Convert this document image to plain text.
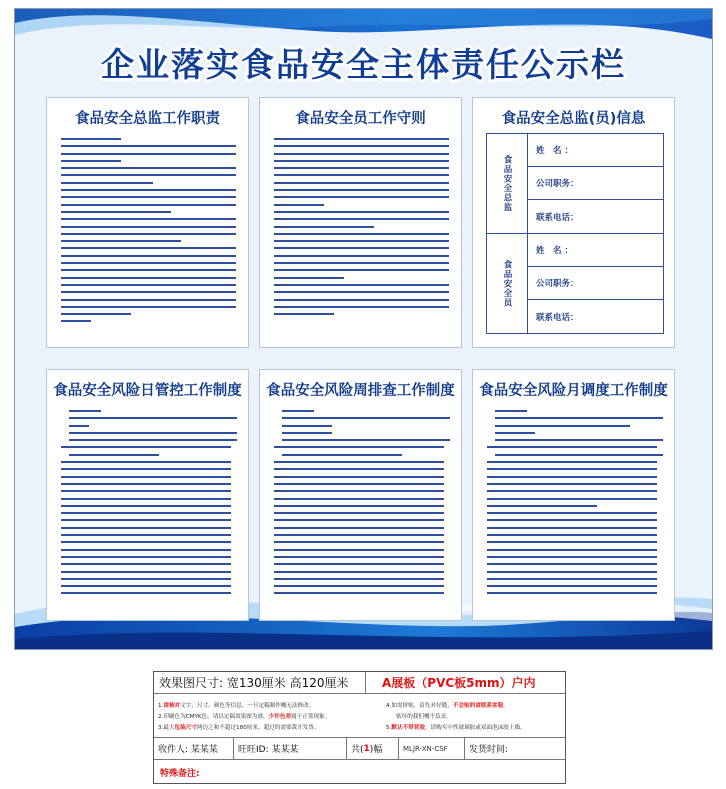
企业落实食品安全主体责任公示栏
食品安全总监工作职责	食品安全员工作守则	食品安全总监(员)信息
食品安全总监
姓　名 ：
公司职务：
联系电话：
食品安全员
姓　名 ：
公司职务：
联系电话：
食品安全风险日管控工作制度	食品安全风险周排查工作制度	食品安全风险月调度工作制度
效果图尺寸: 宽130厘米 高120厘米	A展板（PVC板5mm）户内
1.请核对文字、尺寸、颜色等信息，一旦定稿制作概无法修改。
2.印刷色为CMYK色，请以定稿效果图为准，少许色差属于正常现象。
3.最大包装尺寸两边之和不超过180厘米，超过的需要裁开发货。
4.如需拼贴，请先对好缝，不会贴的请联系客服。
贴坏的我们概不负责。
5.默认不带背胶，请购买中性玻璃胶或双面泡沫胶上墙。
收件人: 某某某	旺旺ID: 某某某	共( 1 )幅	MLJR-XN-CSF	发货时间:
特殊备注:
